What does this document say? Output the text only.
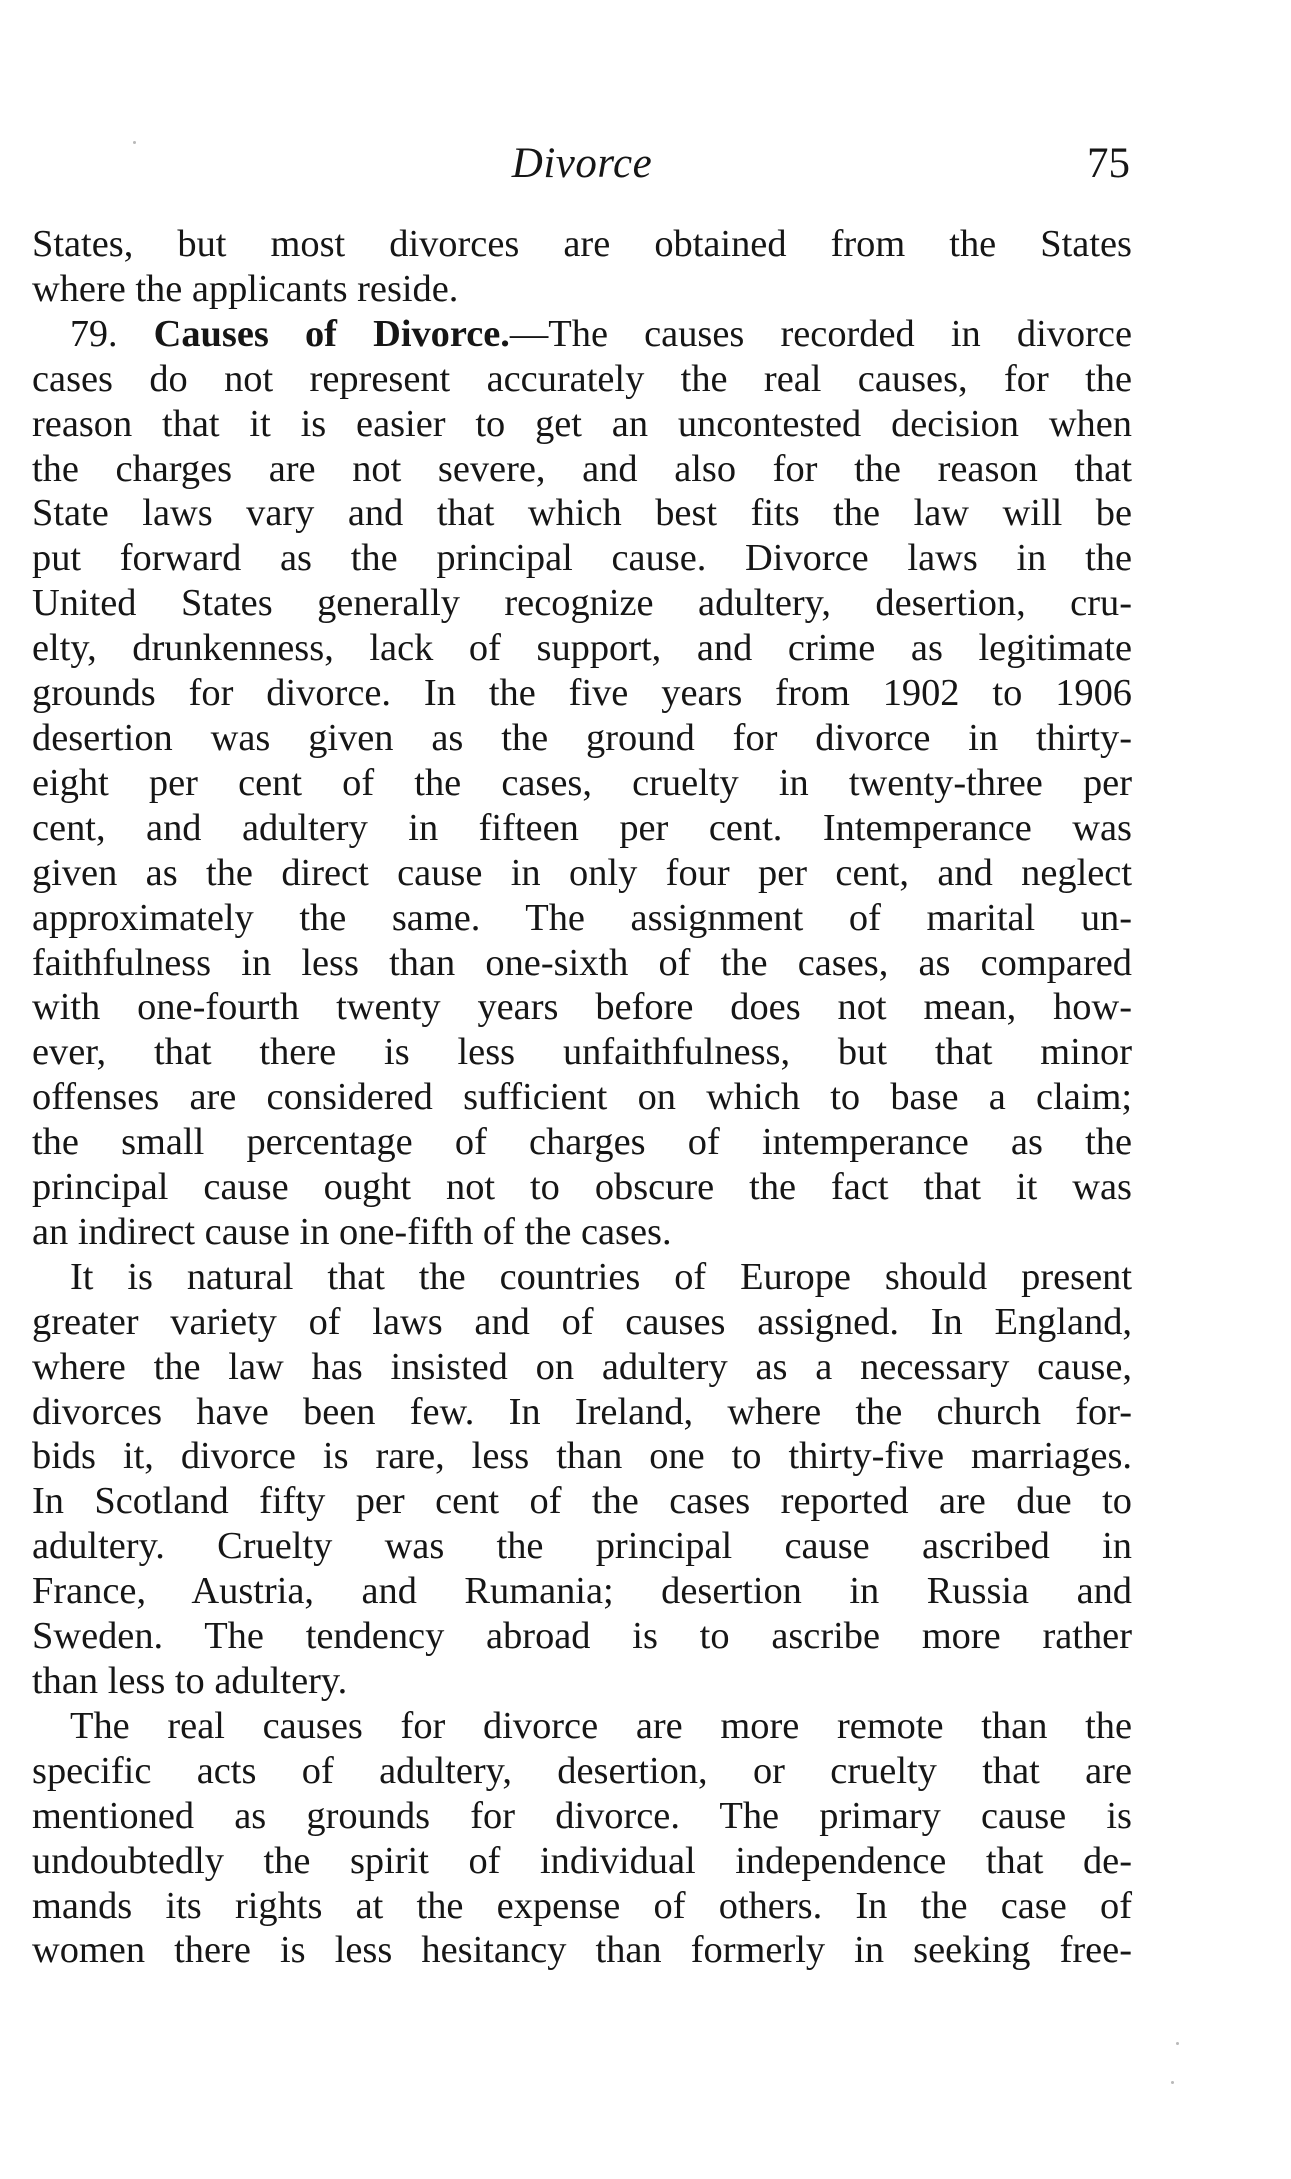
Divorce	75
States, but most divorces are obtained from the States
where the applicants reside.
79. Causes of Divorce.—The causes recorded in divorce
cases do not represent accurately the real causes, for the
reason that it is easier to get an uncontested decision when
the charges are not severe, and also for the reason that
State laws vary and that which best fits the law will be
put forward as the principal cause. Divorce laws in the
United States generally recognize adultery, desertion, cru-
elty, drunkenness, lack of support, and crime as legitimate
grounds for divorce. In the five years from 1902 to 1906
desertion was given as the ground for divorce in thirty-
eight per cent of the cases, cruelty in twenty-three per
cent, and adultery in fifteen per cent. Intemperance was
given as the direct cause in only four per cent, and neglect
approximately the same. The assignment of marital un-
faithfulness in less than one-sixth of the cases, as compared
with one-fourth twenty years before does not mean, how-
ever, that there is less unfaithfulness, but that minor
offenses are considered sufficient on which to base a claim;
the small percentage of charges of intemperance as the
principal cause ought not to obscure the fact that it was
an indirect cause in one-fifth of the cases.
It is natural that the countries of Europe should present
greater variety of laws and of causes assigned. In England,
where the law has insisted on adultery as a necessary cause,
divorces have been few. In Ireland, where the church for-
bids it, divorce is rare, less than one to thirty-five marriages.
In Scotland fifty per cent of the cases reported are due to
adultery. Cruelty was the principal cause ascribed in
France, Austria, and Rumania; desertion in Russia and
Sweden. The tendency abroad is to ascribe more rather
than less to adultery.
The real causes for divorce are more remote than the
specific acts of adultery, desertion, or cruelty that are
mentioned as grounds for divorce. The primary cause is
undoubtedly the spirit of individual independence that de-
mands its rights at the expense of others. In the case of
women there is less hesitancy than formerly in seeking free-
